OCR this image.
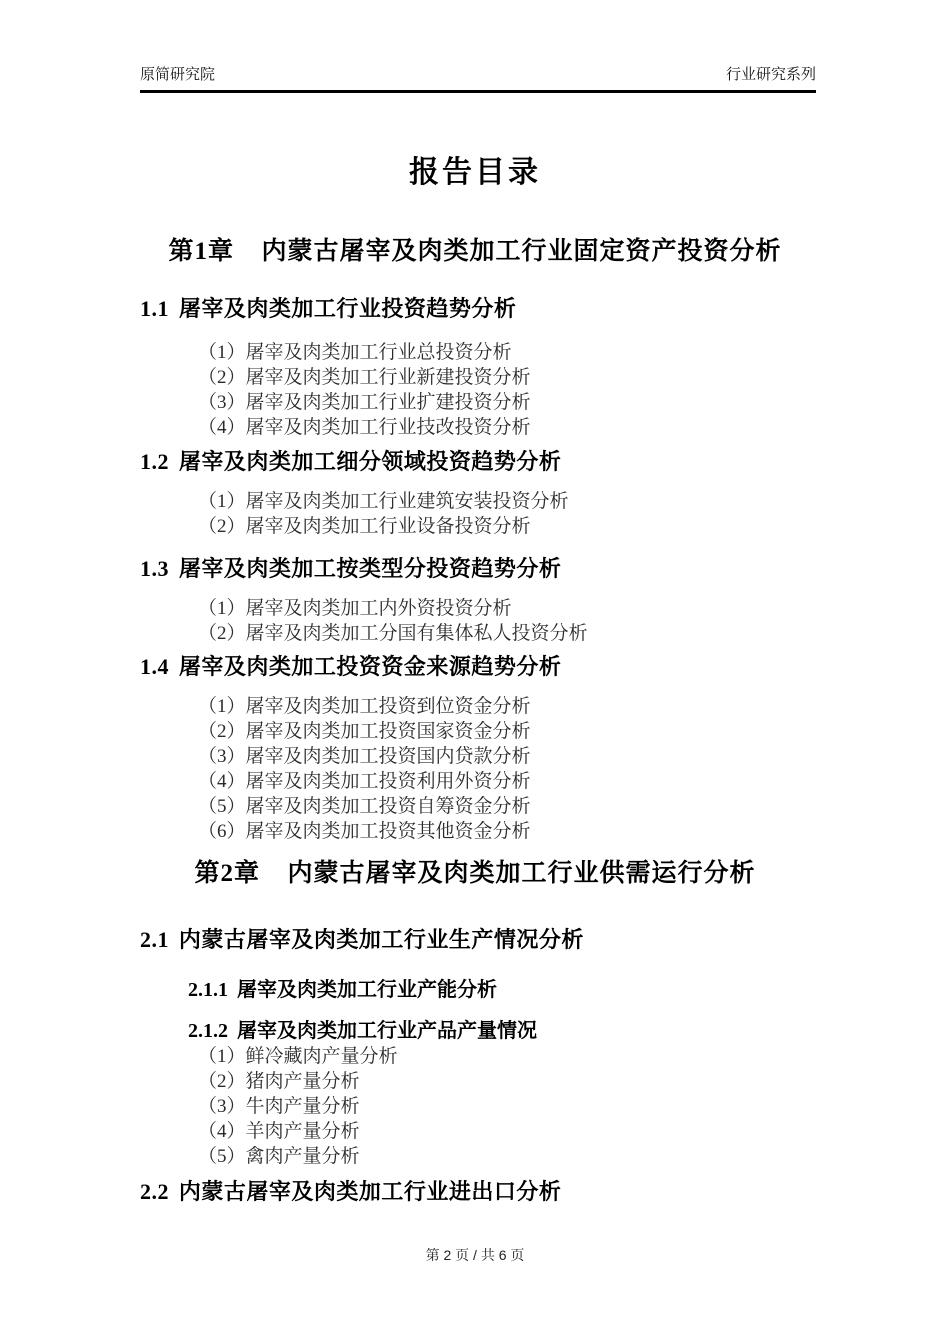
原简研究院	行业研究系列
报告目录
第1章 内蒙古屠宰及肉类加工行业固定资产投资分析
1.1 屠宰及肉类加工行业投资趋势分析
（1）屠宰及肉类加工行业总投资分析
（2）屠宰及肉类加工行业新建投资分析
（3）屠宰及肉类加工行业扩建投资分析
（4）屠宰及肉类加工行业技改投资分析
1.2 屠宰及肉类加工细分领域投资趋势分析
（1）屠宰及肉类加工行业建筑安装投资分析
（2）屠宰及肉类加工行业设备投资分析
1.3 屠宰及肉类加工按类型分投资趋势分析
（1）屠宰及肉类加工内外资投资分析
（2）屠宰及肉类加工分国有集体私人投资分析
1.4 屠宰及肉类加工投资资金来源趋势分析
（1）屠宰及肉类加工投资到位资金分析
（2）屠宰及肉类加工投资国家资金分析
（3）屠宰及肉类加工投资国内贷款分析
（4）屠宰及肉类加工投资利用外资分析
（5）屠宰及肉类加工投资自筹资金分析
（6）屠宰及肉类加工投资其他资金分析
第2章 内蒙古屠宰及肉类加工行业供需运行分析
2.1 内蒙古屠宰及肉类加工行业生产情况分析
2.1.1 屠宰及肉类加工行业产能分析
2.1.2 屠宰及肉类加工行业产品产量情况
（1）鲜冷藏肉产量分析
（2）猪肉产量分析
（3）牛肉产量分析
（4）羊肉产量分析
（5）禽肉产量分析
2.2 内蒙古屠宰及肉类加工行业进出口分析
第 2 页 / 共 6 页
